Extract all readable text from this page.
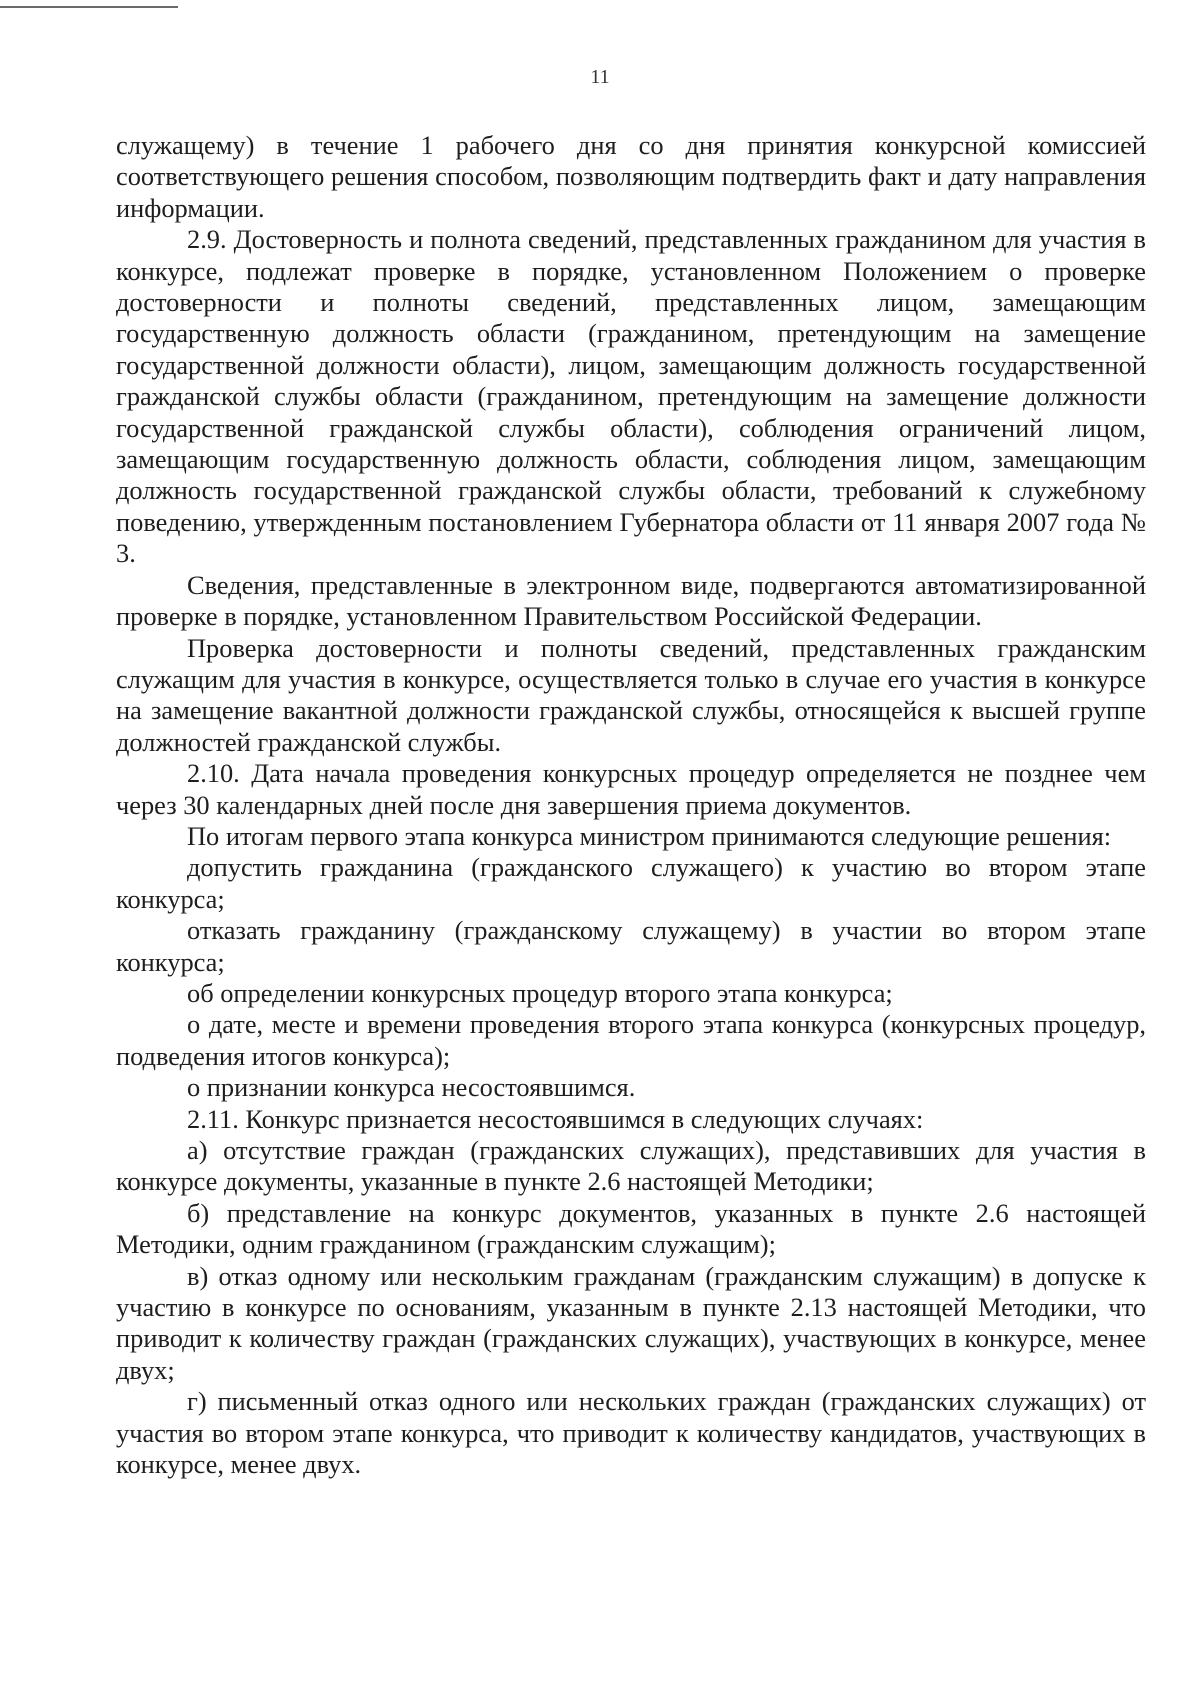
11

служащему) в течение 1 рабочего дня со дня принятия конкурсной комиссией соответствующего решения способом, позволяющим подтвердить факт и дату направления информации.

2.9. Достоверность и полнота сведений, представленных гражданином для участия в конкурсе, подлежат проверке в порядке, установленном Положением о проверке достоверности и полноты сведений, представленных лицом, замещающим государственную должность области (гражданином, претендующим на замещение государственной должности области), лицом, замещающим должность государственной гражданской службы области (гражданином, претендующим на замещение должности государственной гражданской службы области), соблюдения ограничений лицом, замещающим государственную должность области, соблюдения лицом, замещающим должность государственной гражданской службы области, требований к служебному поведению, утвержденным постановлением Губернатора области от 11 января 2007 года № 3.

Сведения, представленные в электронном виде, подвергаются автоматизированной проверке в порядке, установленном Правительством Российской Федерации.

Проверка достоверности и полноты сведений, представленных гражданским служащим для участия в конкурсе, осуществляется только в случае его участия в конкурсе на замещение вакантной должности гражданской службы, относящейся к высшей группе должностей гражданской службы.

2.10. Дата начала проведения конкурсных процедур определяется не позднее чем через 30 календарных дней после дня завершения приема документов.

По итогам первого этапа конкурса министром принимаются следующие решения:

допустить гражданина (гражданского служащего) к участию во втором этапе конкурса;

отказать гражданину (гражданскому служащему) в участии во втором этапе конкурса;

об определении конкурсных процедур второго этапа конкурса;

о дате, месте и времени проведения второго этапа конкурса (конкурсных процедур, подведения итогов конкурса);

о признании конкурса несостоявшимся.

2.11. Конкурс признается несостоявшимся в следующих случаях:

а) отсутствие граждан (гражданских служащих), представивших для участия в конкурсе документы, указанные в пункте 2.6 настоящей Методики;

б) представление на конкурс документов, указанных в пункте 2.6 настоящей Методики, одним гражданином (гражданским служащим);

в) отказ одному или нескольким гражданам (гражданским служащим) в допуске к участию в конкурсе по основаниям, указанным в пункте 2.13 настоящей Методики, что приводит к количеству граждан (гражданских служащих), участвующих в конкурсе, менее двух;

г) письменный отказ одного или нескольких граждан (гражданских служащих) от участия во втором этапе конкурса, что приводит к количеству кандидатов, участвующих в конкурсе, менее двух.
